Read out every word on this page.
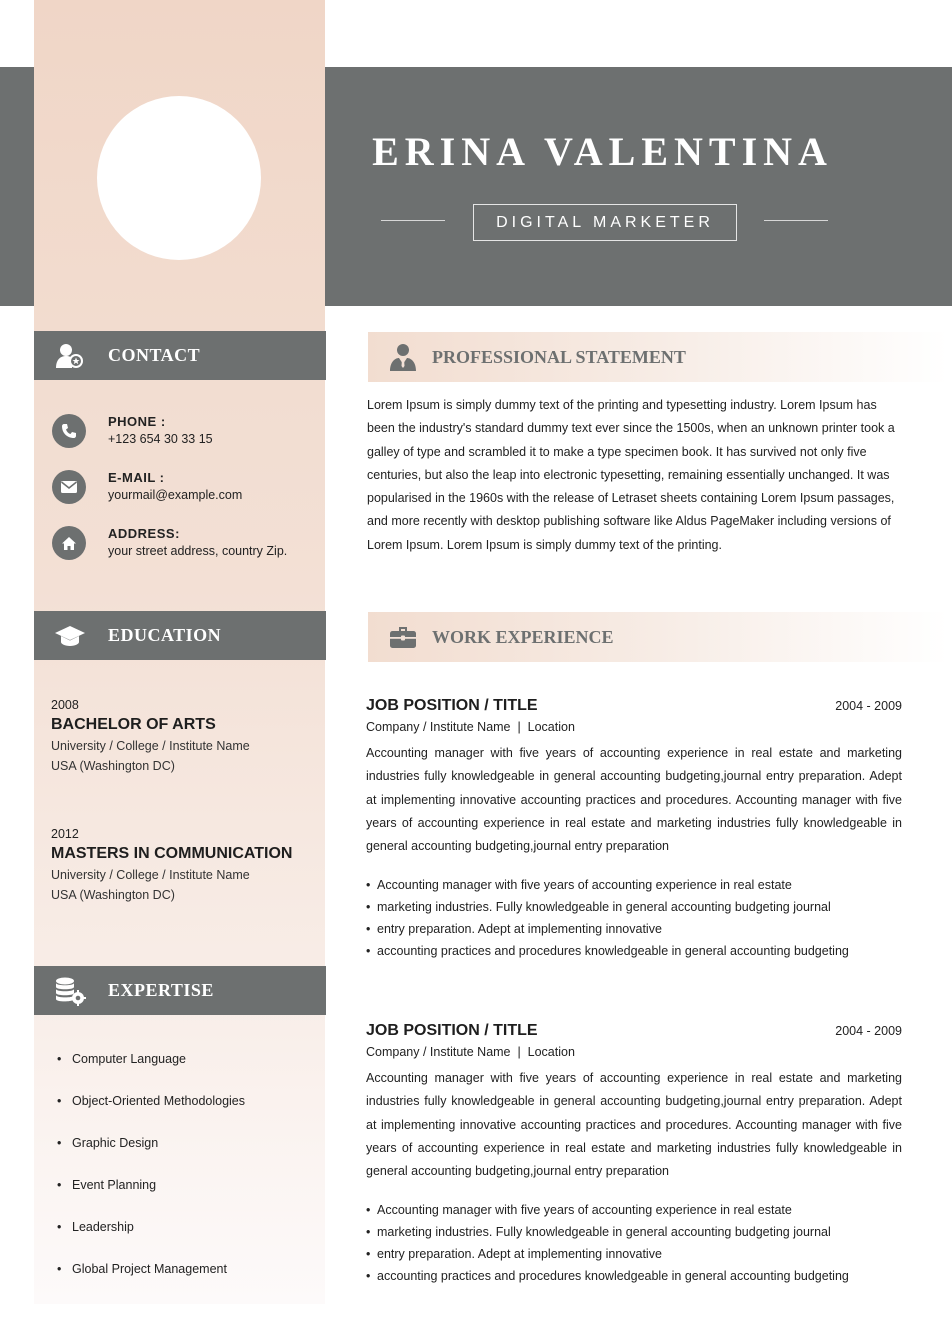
ERINA VALENTINA
DIGITAL MARKETER
CONTACT
PHONE :
+123 654 30 33 15
E-MAIL :
yourmail@example.com
ADDRESS:
your street address, country Zip.
EDUCATION
2008
BACHELOR OF ARTS
University / College / Institute Name
USA (Washington DC)
2012
MASTERS IN COMMUNICATION
University / College / Institute Name
USA (Washington DC)
EXPERTISE
• Computer Language
• Object-Oriented Methodologies
• Graphic Design
• Event Planning
• Leadership
• Global Project Management
PROFESSIONAL STATEMENT
Lorem Ipsum is simply dummy text of the printing and typesetting industry. Lorem Ipsum has been the industry's standard dummy text ever since the 1500s, when an unknown printer took a galley of type and scrambled it to make a type specimen book. It has survived not only five centuries, but also the leap into electronic typesetting, remaining essentially unchanged. It was popularised in the 1960s with the release of Letraset sheets containing Lorem Ipsum passages, and more recently with desktop publishing software like Aldus PageMaker including versions of Lorem Ipsum. Lorem Ipsum is simply dummy text of the printing.
WORK EXPERIENCE
JOB POSITION / TITLE	2004 - 2009
Company / Institute Name  |  Location
Accounting manager with five years of accounting experience in real estate and marketing industries fully knowledgeable in general accounting budgeting,journal entry preparation. Adept at implementing innovative accounting practices and procedures. Accounting manager with five years of accounting experience in real estate and marketing industries fully knowledgeable in general accounting budgeting,journal entry preparation
• Accounting manager with five years of accounting experience in real estate
• marketing industries. Fully knowledgeable in general accounting budgeting journal
• entry preparation. Adept at implementing innovative
• accounting practices and procedures knowledgeable in general accounting budgeting
JOB POSITION / TITLE	2004 - 2009
Company / Institute Name  |  Location
Accounting manager with five years of accounting experience in real estate and marketing industries fully knowledgeable in general accounting budgeting,journal entry preparation. Adept at implementing innovative accounting practices and procedures. Accounting manager with five years of accounting experience in real estate and marketing industries fully knowledgeable in general accounting budgeting,journal entry preparation
• Accounting manager with five years of accounting experience in real estate
• marketing industries. Fully knowledgeable in general accounting budgeting journal
• entry preparation. Adept at implementing innovative
• accounting practices and procedures knowledgeable in general accounting budgeting
